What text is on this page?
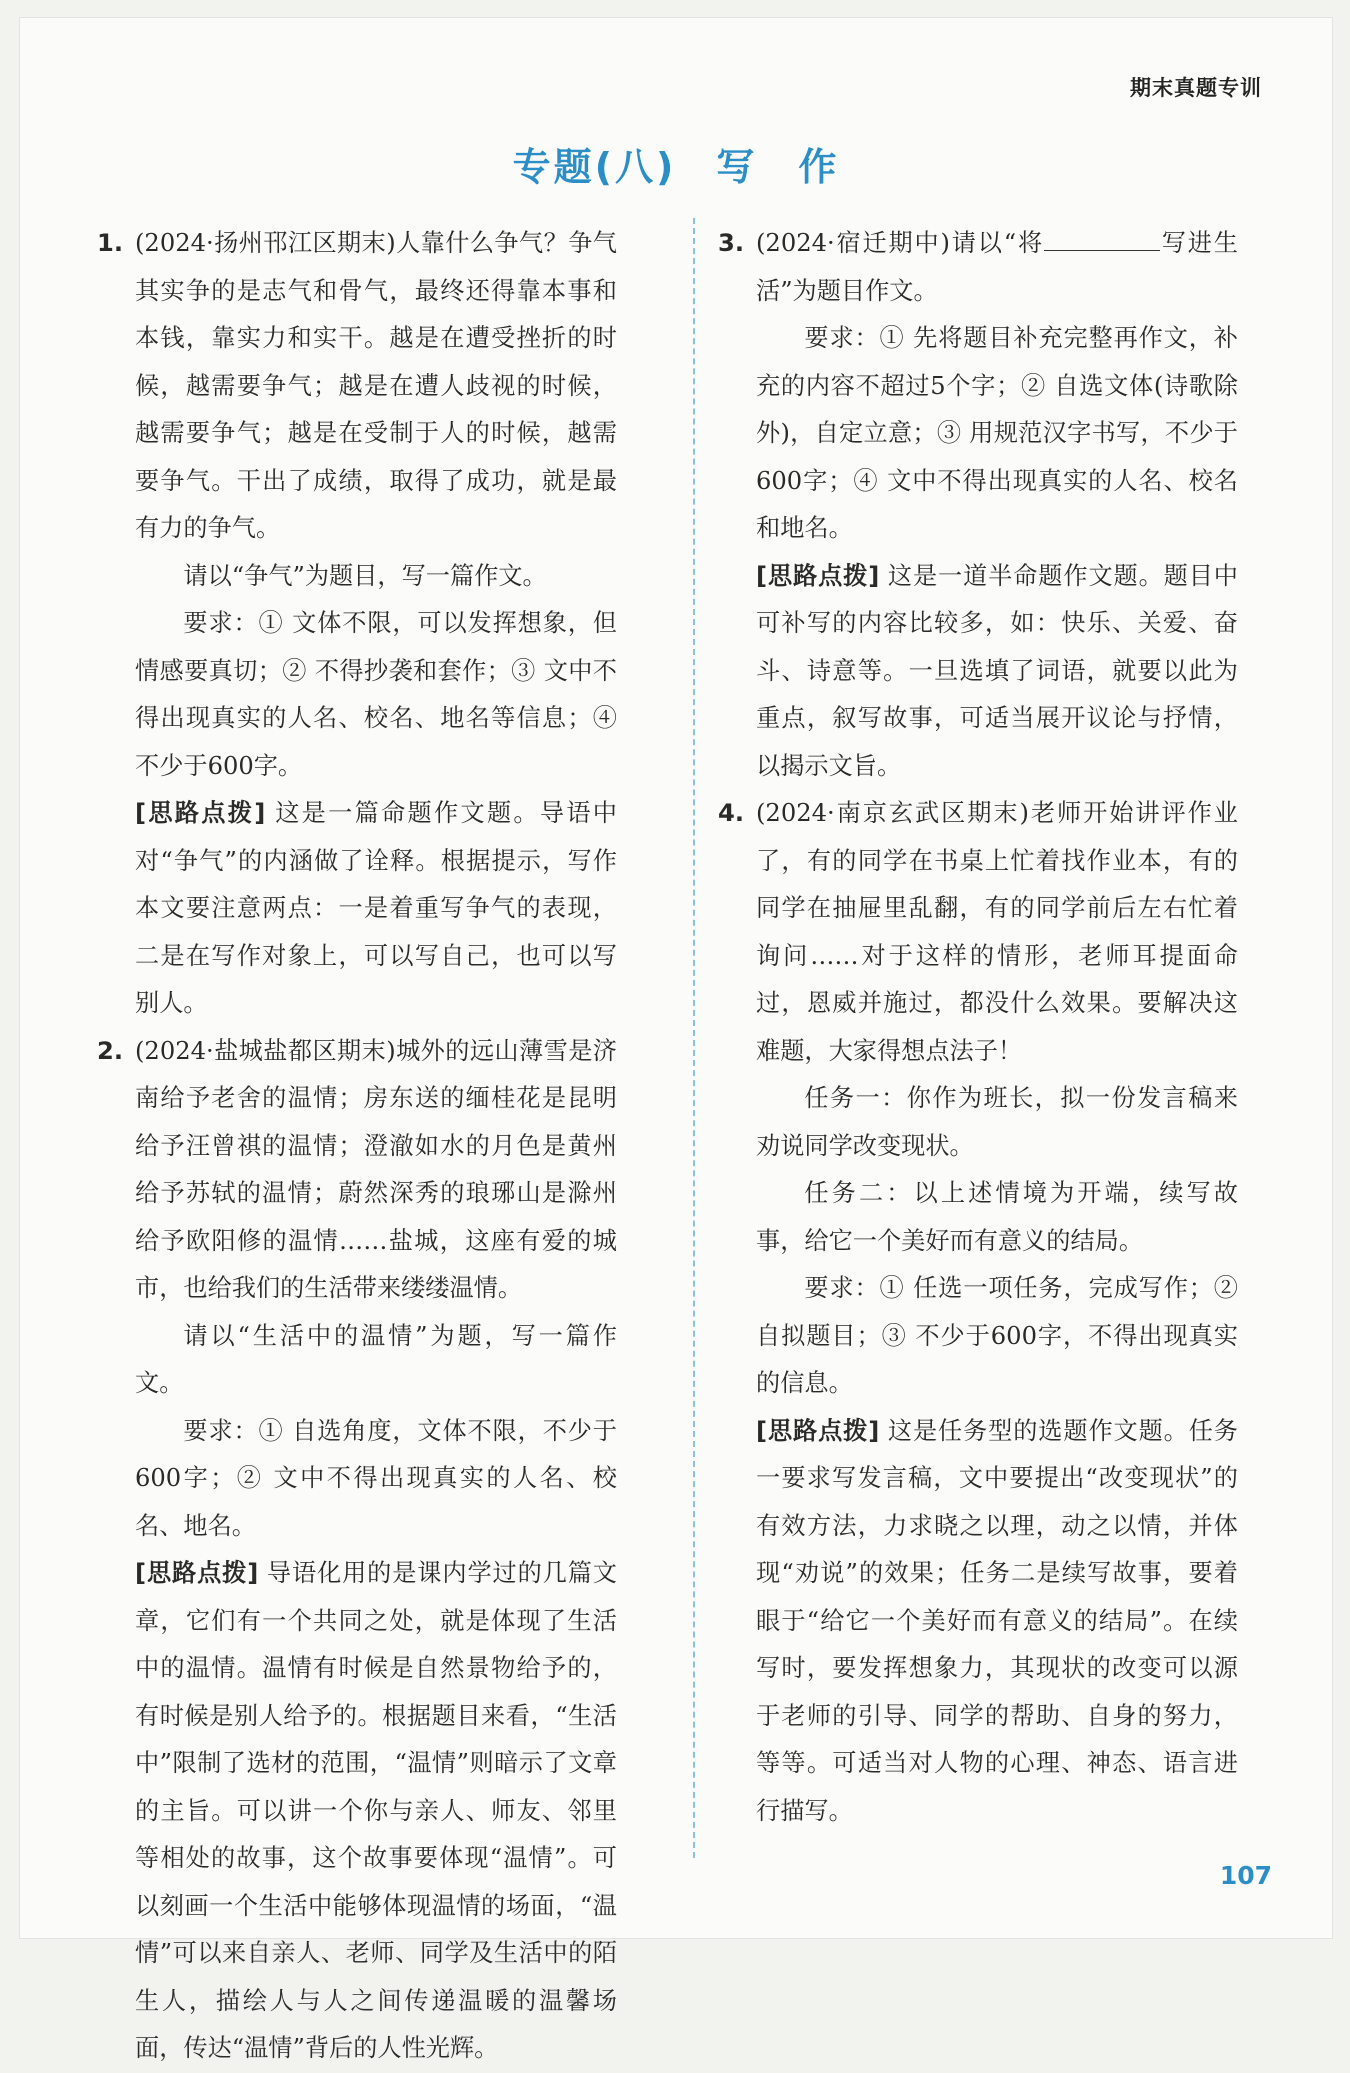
期末真题专训
专题(八) 写　作

1. (2024·扬州邗江区期末)人靠什么争气？争气其实争的是志气和骨气，最终还得靠本事和本钱，靠实力和实干。越是在遭受挫折的时候，越需要争气；越是在遭人歧视的时候，越需要争气；越是在受制于人的时候，越需要争气。干出了成绩，取得了成功，就是最有力的争气。

请以“争气”为题目，写一篇作文。

要求：① 文体不限，可以发挥想象，但情感要真切；② 不得抄袭和套作；③ 文中不得出现真实的人名、校名、地名等信息；④ 不少于600字。

[思路点拨] 这是一篇命题作文题。导语中对“争气”的内涵做了诠释。根据提示，写作本文要注意两点：一是着重写争气的表现，二是在写作对象上，可以写自己，也可以写别人。

2. (2024·盐城盐都区期末)城外的远山薄雪是济南给予老舍的温情；房东送的缅桂花是昆明给予汪曾祺的温情；澄澈如水的月色是黄州给予苏轼的温情；蔚然深秀的琅琊山是滁州给予欧阳修的温情……盐城，这座有爱的城市，也给我们的生活带来缕缕温情。

请以“生活中的温情”为题，写一篇作文。

要求：① 自选角度，文体不限，不少于600字；② 文中不得出现真实的人名、校名、地名。

[思路点拨] 导语化用的是课内学过的几篇文章，它们有一个共同之处，就是体现了生活中的温情。温情有时候是自然景物给予的，有时候是别人给予的。根据题目来看，“生活中”限制了选材的范围，“温情”则暗示了文章的主旨。可以讲一个你与亲人、师友、邻里等相处的故事，这个故事要体现“温情”。可以刻画一个生活中能够体现温情的场面，“温情”可以来自亲人、老师、同学及生活中的陌生人，描绘人与人之间传递温暖的温馨场面，传达“温情”背后的人性光辉。

3. (2024·宿迁期中)请以“将	写进生活”为题目作文。

要求：① 先将题目补充完整再作文，补充的内容不超过5个字；② 自选文体(诗歌除外)，自定立意；③ 用规范汉字书写，不少于600字；④ 文中不得出现真实的人名、校名和地名。

[思路点拨] 这是一道半命题作文题。题目中可补写的内容比较多，如：快乐、关爱、奋斗、诗意等。一旦选填了词语，就要以此为重点，叙写故事，可适当展开议论与抒情，以揭示文旨。

4. (2024·南京玄武区期末)老师开始讲评作业了，有的同学在书桌上忙着找作业本，有的同学在抽屉里乱翻，有的同学前后左右忙着询问……对于这样的情形，老师耳提面命过，恩威并施过，都没什么效果。要解决这难题，大家得想点法子！

任务一：你作为班长，拟一份发言稿来劝说同学改变现状。

任务二：以上述情境为开端，续写故事，给它一个美好而有意义的结局。

要求：① 任选一项任务，完成写作；② 自拟题目；③ 不少于600字，不得出现真实的信息。

[思路点拨] 这是任务型的选题作文题。任务一要求写发言稿，文中要提出“改变现状”的有效方法，力求晓之以理，动之以情，并体现“劝说”的效果；任务二是续写故事，要着眼于“给它一个美好而有意义的结局”。在续写时，要发挥想象力，其现状的改变可以源于老师的引导、同学的帮助、自身的努力，等等。可适当对人物的心理、神态、语言进行描写。

107
